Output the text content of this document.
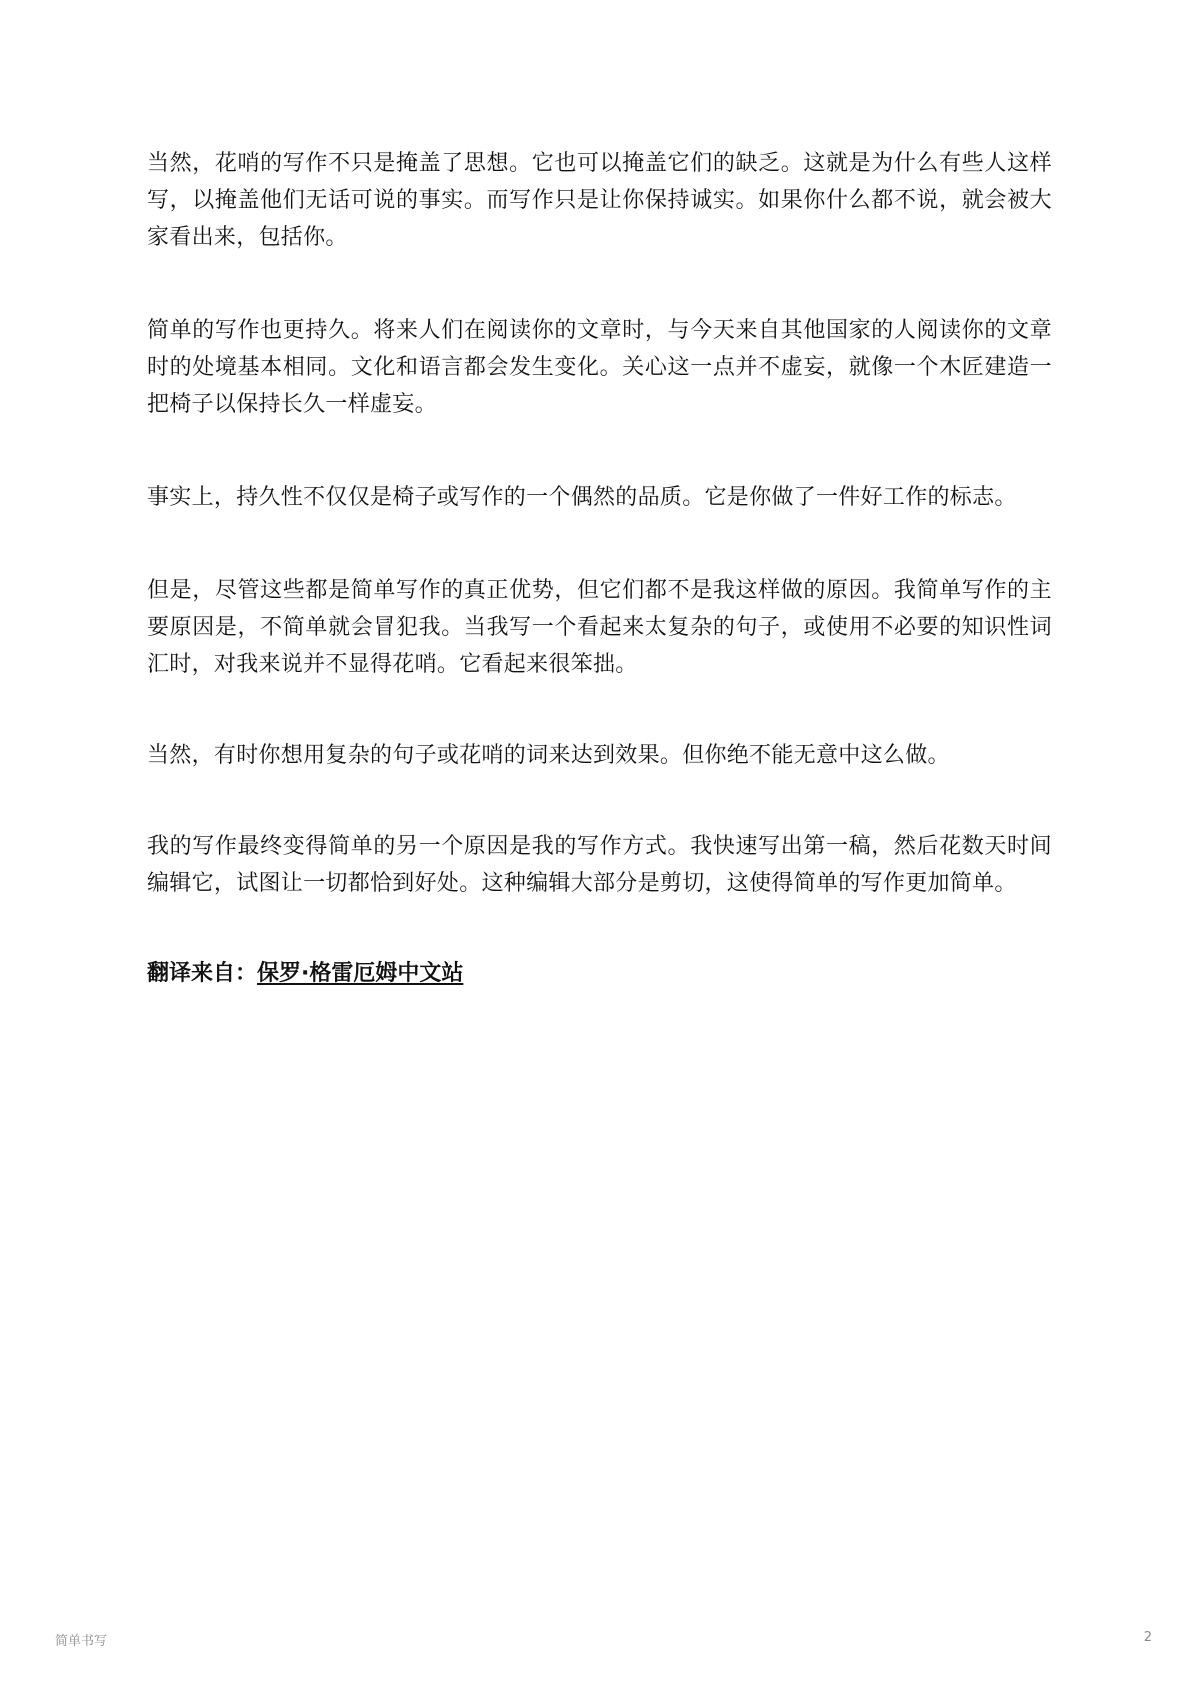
当然，花哨的写作不只是掩盖了思想。它也可以掩盖它们的缺乏。这就是为什么有些人这样写，以掩盖他们无话可说的事实。而写作只是让你保持诚实。如果你什么都不说，就会被大家看出来，包括你。

简单的写作也更持久。将来人们在阅读你的文章时，与今天来自其他国家的人阅读你的文章时的处境基本相同。文化和语言都会发生变化。关心这一点并不虚妄，就像一个木匠建造一把椅子以保持长久一样虚妄。

事实上，持久性不仅仅是椅子或写作的一个偶然的品质。它是你做了一件好工作的标志。

但是，尽管这些都是简单写作的真正优势，但它们都不是我这样做的原因。我简单写作的主要原因是，不简单就会冒犯我。当我写一个看起来太复杂的句子，或使用不必要的知识性词汇时，对我来说并不显得花哨。它看起来很笨拙。

当然，有时你想用复杂的句子或花哨的词来达到效果。但你绝不能无意中这么做。

我的写作最终变得简单的另一个原因是我的写作方式。我快速写出第一稿，然后花数天时间编辑它，试图让一切都恰到好处。这种编辑大部分是剪切，这使得简单的写作更加简单。

翻译来自：保罗·格雷厄姆中文站

简单书写	2
